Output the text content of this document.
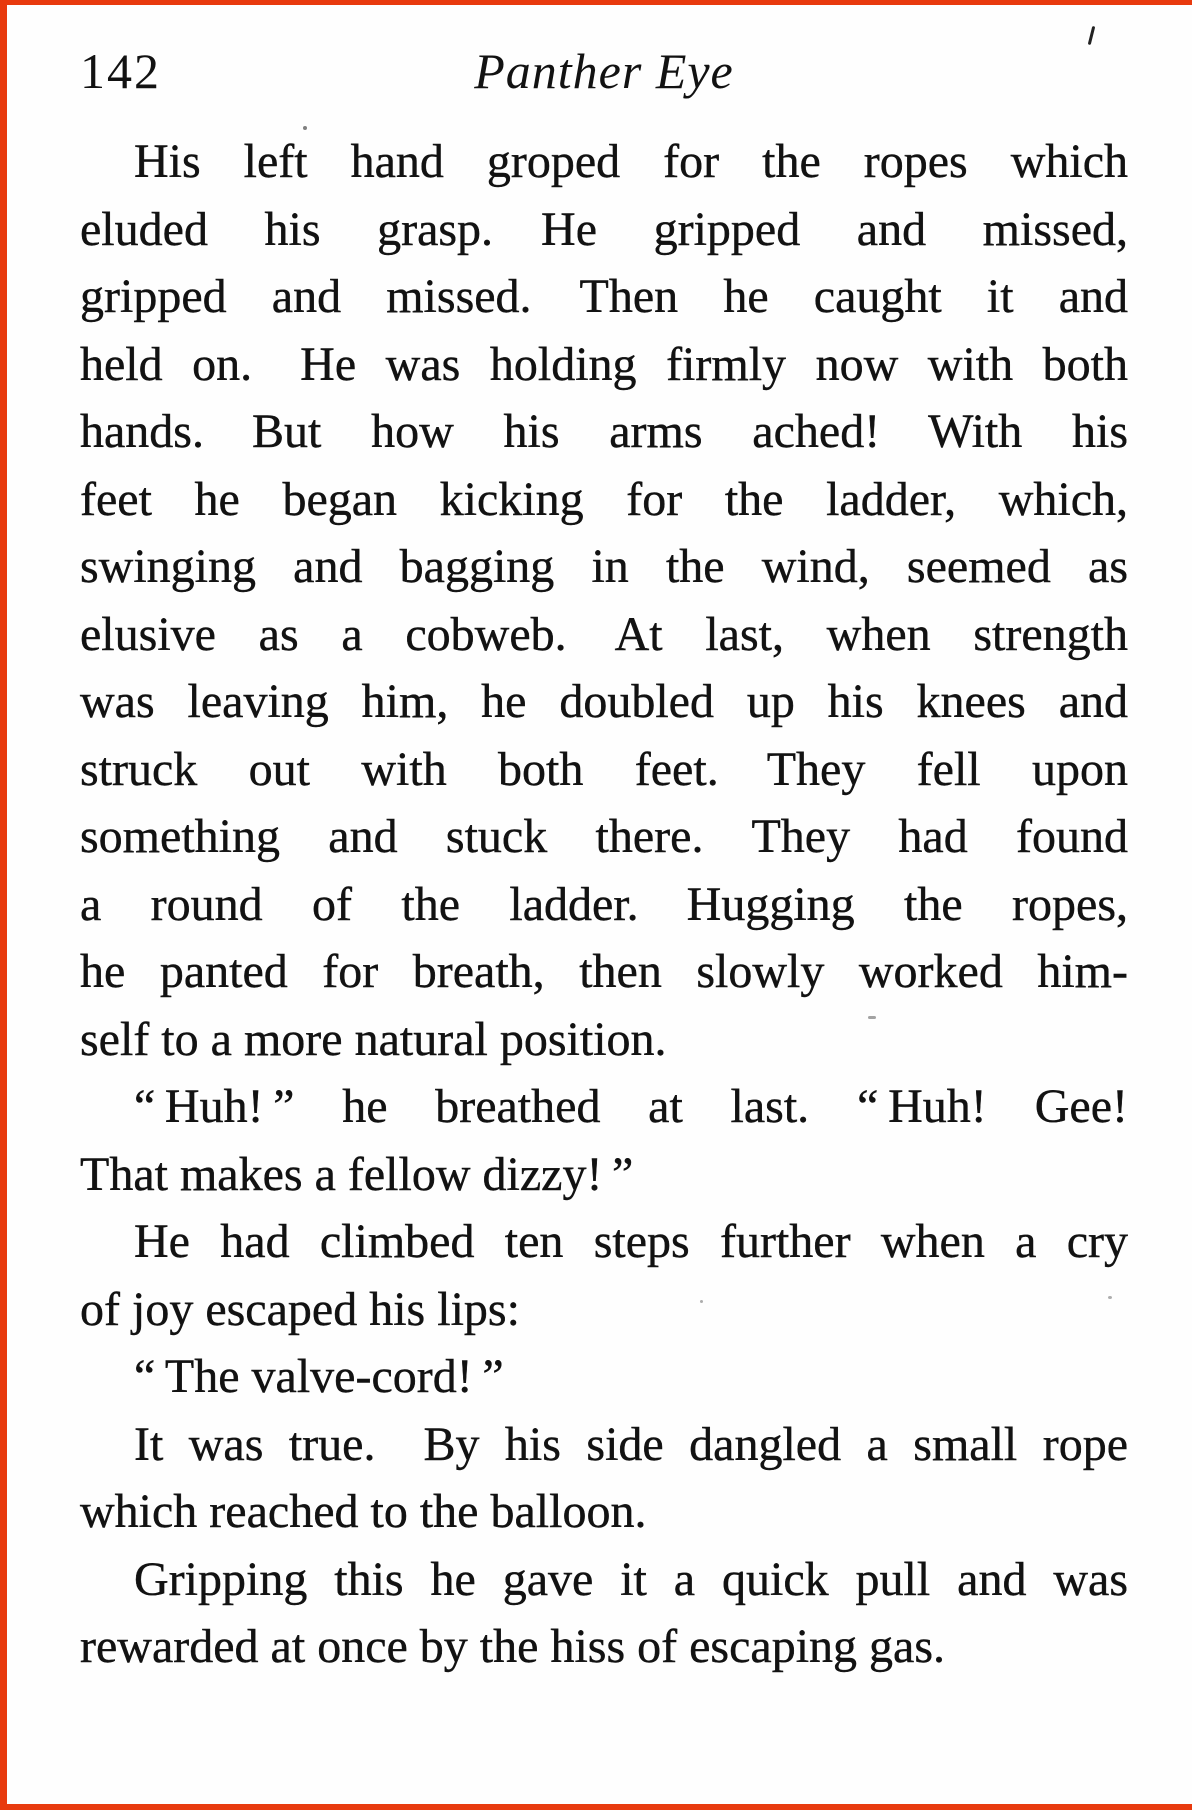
142	Panther Eye

His left hand groped for the ropes which

eluded his grasp. He gripped and missed,

gripped and missed. Then he caught it and

held on. He was holding firmly now with both

hands. But how his arms ached! With his

feet he began kicking for the ladder, which,

swinging and bagging in the wind, seemed as

elusive as a cobweb. At last, when strength

was leaving him, he doubled up his knees and

struck out with both feet. They fell upon

something and stuck there. They had found

a round of the ladder. Hugging the ropes,

he panted for breath, then slowly worked him-

self to a more natural position.

“ Huh! ” he breathed at last. “ Huh! Gee!

That makes a fellow dizzy! ”

He had climbed ten steps further when a cry

of joy escaped his lips:

“ The valve-cord! ”

It was true. By his side dangled a small rope

which reached to the balloon.

Gripping this he gave it a quick pull and was

rewarded at once by the hiss of escaping gas.
